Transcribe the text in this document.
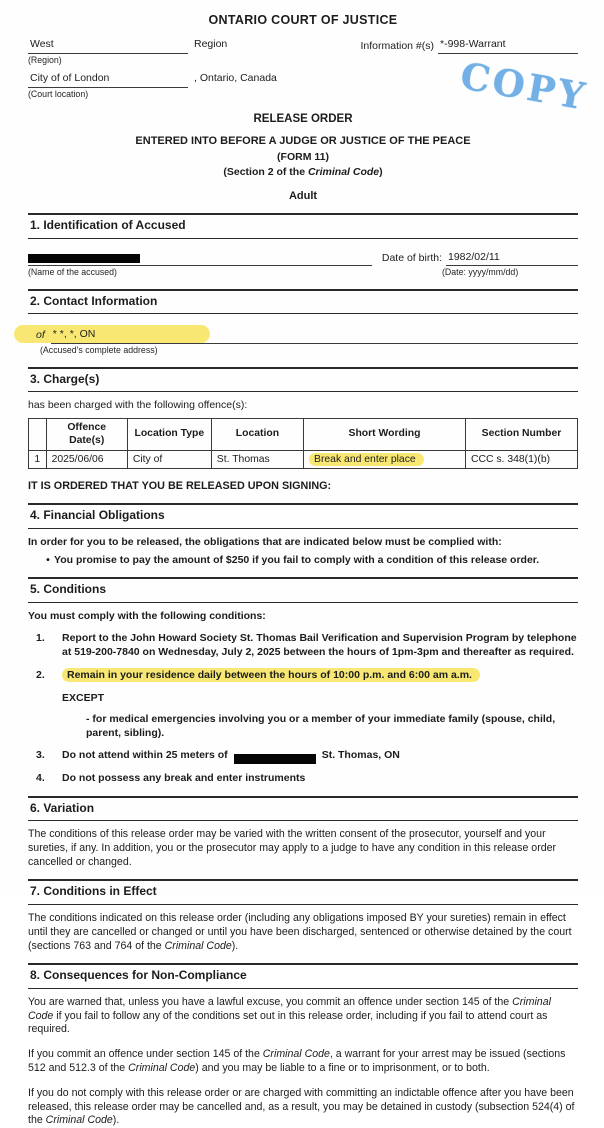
ONTARIO COURT OF JUSTICE
COPY
West
(Region)
Region	Information #(s) *-998-Warrant
City of of London
(Court location)
, Ontario, Canada
RELEASE ORDER
ENTERED INTO BEFORE A JUDGE OR JUSTICE OF THE PEACE
(FORM 11)
(Section 2 of the Criminal Code)
Adult
1. Identification of Accused
Date of birth: 1982/02/11
(Name of the accused)	(Date: yyyy/mm/dd)
2. Contact Information
of * *, *, ON
(Accused's complete address)
3. Charge(s)
has been charged with the following offence(s):
	Offence Date(s)	Location Type	Location	Short Wording	Section Number
1	2025/06/06	City of	St. Thomas	Break and enter place	CCC s. 348(1)(b)
IT IS ORDERED THAT YOU BE RELEASED UPON SIGNING:
4. Financial Obligations
In order for you to be released, the obligations that are indicated below must be complied with:
• You promise to pay the amount of $250 if you fail to comply with a condition of this release order.
5. Conditions
You must comply with the following conditions:
1.	Report to the John Howard Society St. Thomas Bail Verification and Supervision Program by telephone at 519-200-7840 on Wednesday, July 2, 2025 between the hours of 1pm-3pm and thereafter as required.
2.	Remain in your residence daily between the hours of 10:00 p.m. and 6:00 am a.m.
EXCEPT
- for medical emergencies involving you or a member of your immediate family (spouse, child, parent, sibling).
3.	Do not attend within 25 meters of	St. Thomas, ON
4.	Do not possess any break and enter instruments
6. Variation
The conditions of this release order may be varied with the written consent of the prosecutor, yourself and your sureties, if any. In addition, you or the prosecutor may apply to a judge to have any condition in this release order cancelled or changed.
7. Conditions in Effect
The conditions indicated on this release order (including any obligations imposed BY your sureties) remain in effect until they are cancelled or changed or until you have been discharged, sentenced or otherwise detained by the court (sections 763 and 764 of the Criminal Code).
8. Consequences for Non-Compliance
You are warned that, unless you have a lawful excuse, you commit an offence under section 145 of the Criminal Code if you fail to follow any of the conditions set out in this release order, including if you fail to attend court as required.
If you commit an offence under section 145 of the Criminal Code, a warrant for your arrest may be issued (sections 512 and 512.3 of the Criminal Code) and you may be liable to a fine or to imprisonment, or to both.
If you do not comply with this release order or are charged with committing an indictable offence after you have been released, this release order may be cancelled and, as a result, you may be detained in custody (subsection 524(4) of the Criminal Code).
